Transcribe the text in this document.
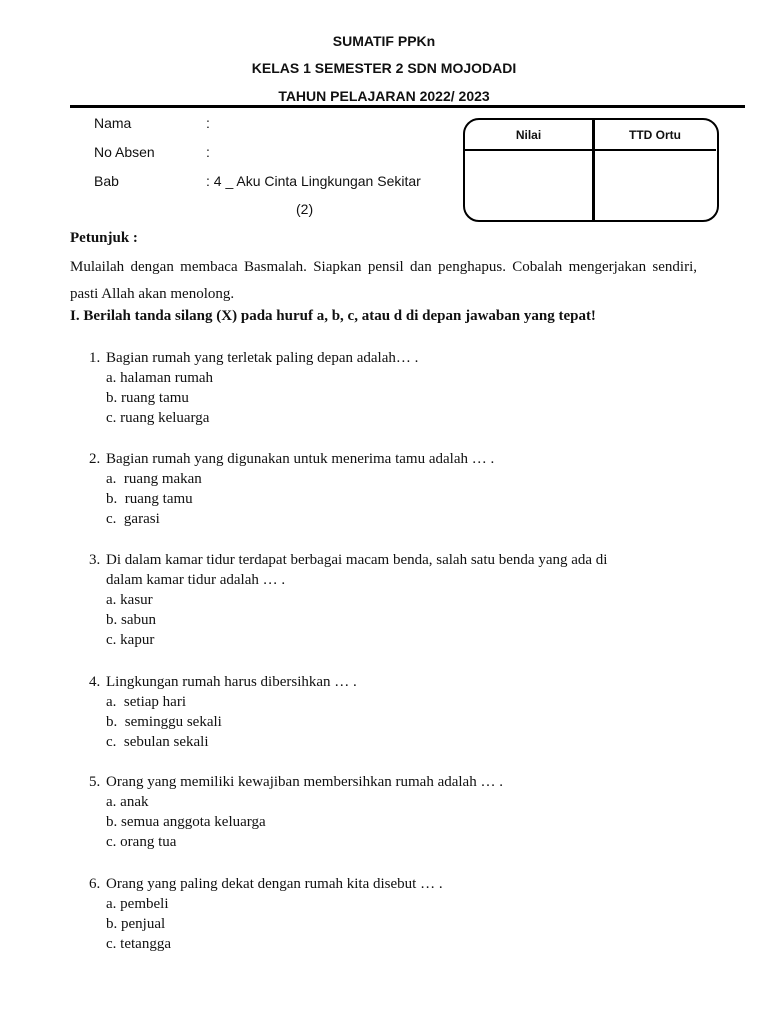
SUMATIF PPKn
KELAS 1 SEMESTER 2 SDN MOJODADI
TAHUN PELAJARAN 2022/ 2023
Nama	:
No Absen	:
Bab	: 4 _ Aku Cinta Lingkungan Sekitar
(2)
Nilai	TTD Ortu
Petunjuk :
Mulailah dengan membaca Basmalah. Siapkan pensil dan penghapus. Cobalah mengerjakan sendiri, pasti Allah akan menolong.
I. Berilah tanda silang (X) pada huruf a, b, c, atau d di depan jawaban yang tepat!
1. Bagian rumah yang terletak paling depan adalah… .
a. halaman rumah
b. ruang tamu
c. ruang keluarga
2. Bagian rumah yang digunakan untuk menerima tamu adalah … .
a. ruang makan
b. ruang tamu
c. garasi
3. Di dalam kamar tidur terdapat berbagai macam benda, salah satu benda yang ada di
dalam kamar tidur adalah … .
a. kasur
b. sabun
c. kapur
4. Lingkungan rumah harus dibersihkan … .
a. setiap hari
b. seminggu sekali
c. sebulan sekali
5. Orang yang memiliki kewajiban membersihkan rumah adalah … .
a. anak
b. semua anggota keluarga
c. orang tua
6. Orang yang paling dekat dengan rumah kita disebut … .
a. pembeli
b. penjual
c. tetangga
